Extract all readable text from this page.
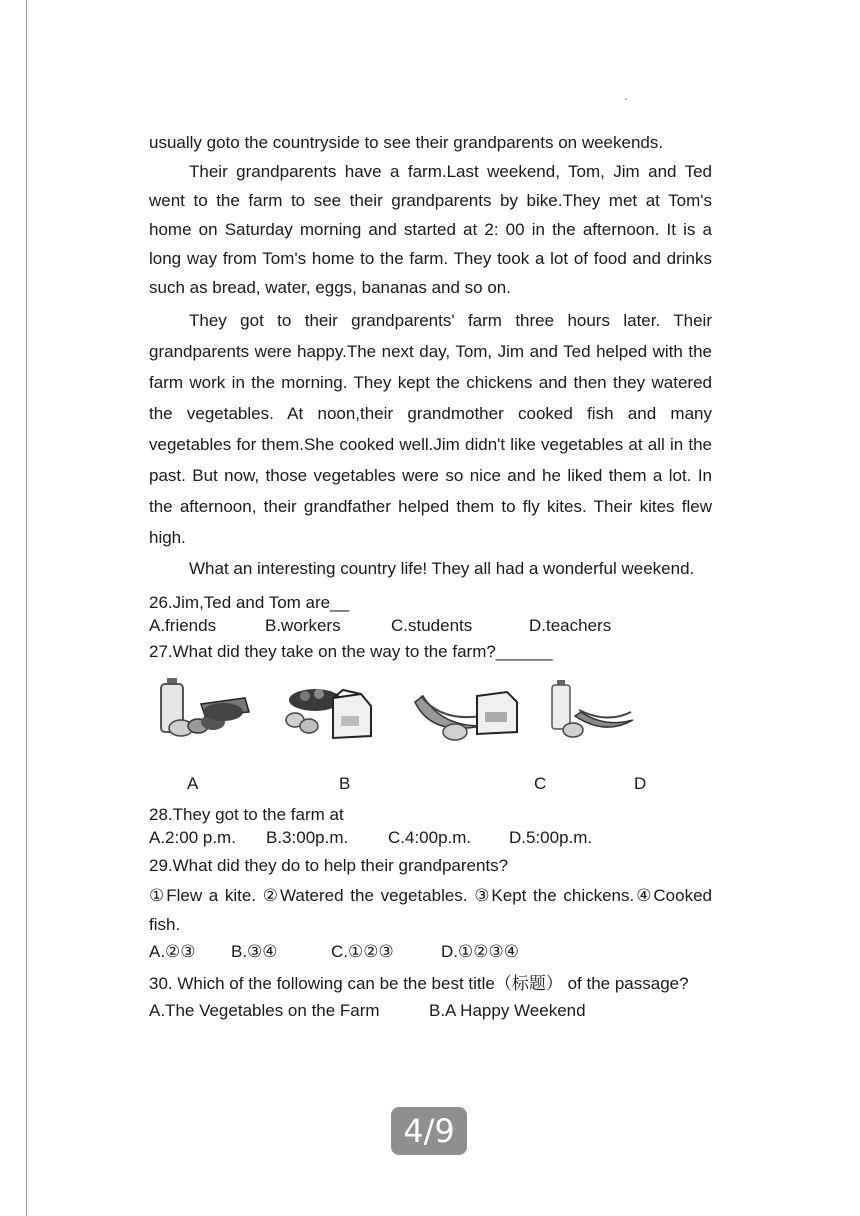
usually goto the countryside to see their grandparents on weekends.

Their grandparents have a farm.Last weekend, Tom, Jim and Ted went to the farm to see their grandparents by bike.They met at Tom's home on Saturday morning and started at 2: 00 in the afternoon. It is a long way from Tom's home to the farm. They took a lot of food and drinks such as bread, water, eggs, bananas and so on.

They got to their grandparents' farm three hours later. Their grandparents were happy.The next day, Tom, Jim and Ted helped with the farm work in the morning. They kept the chickens and then they watered the vegetables. At noon,their grandmother cooked fish and many vegetables for them.She cooked well.Jim didn't like vegetables at all in the past. But now, those vegetables were so nice and he liked them a lot. In the afternoon, their grandfather helped them to fly kites. Their kites flew high.

What an interesting country life! They all had a wonderful weekend.

26.Jim,Ted and Tom are__

A.friends	B.workers	C.students	D.teachers

27.What did they take on the way to the farm?______

A	B	C	D

28.They got to the farm at

A.2:00 p.m.	B.3:00p.m.	C.4:00p.m.	D.5:00p.m.

29.What did they do to help their grandparents?

①Flew a kite. ②Watered the vegetables. ③Kept the chickens.④Cooked fish.

A.②③	B.③④	C.①②③	D.①②③④

30. Which of the following can be the best title（标题） of the passage?

A.The Vegetables on the Farm	B.A Happy Weekend
4/9
